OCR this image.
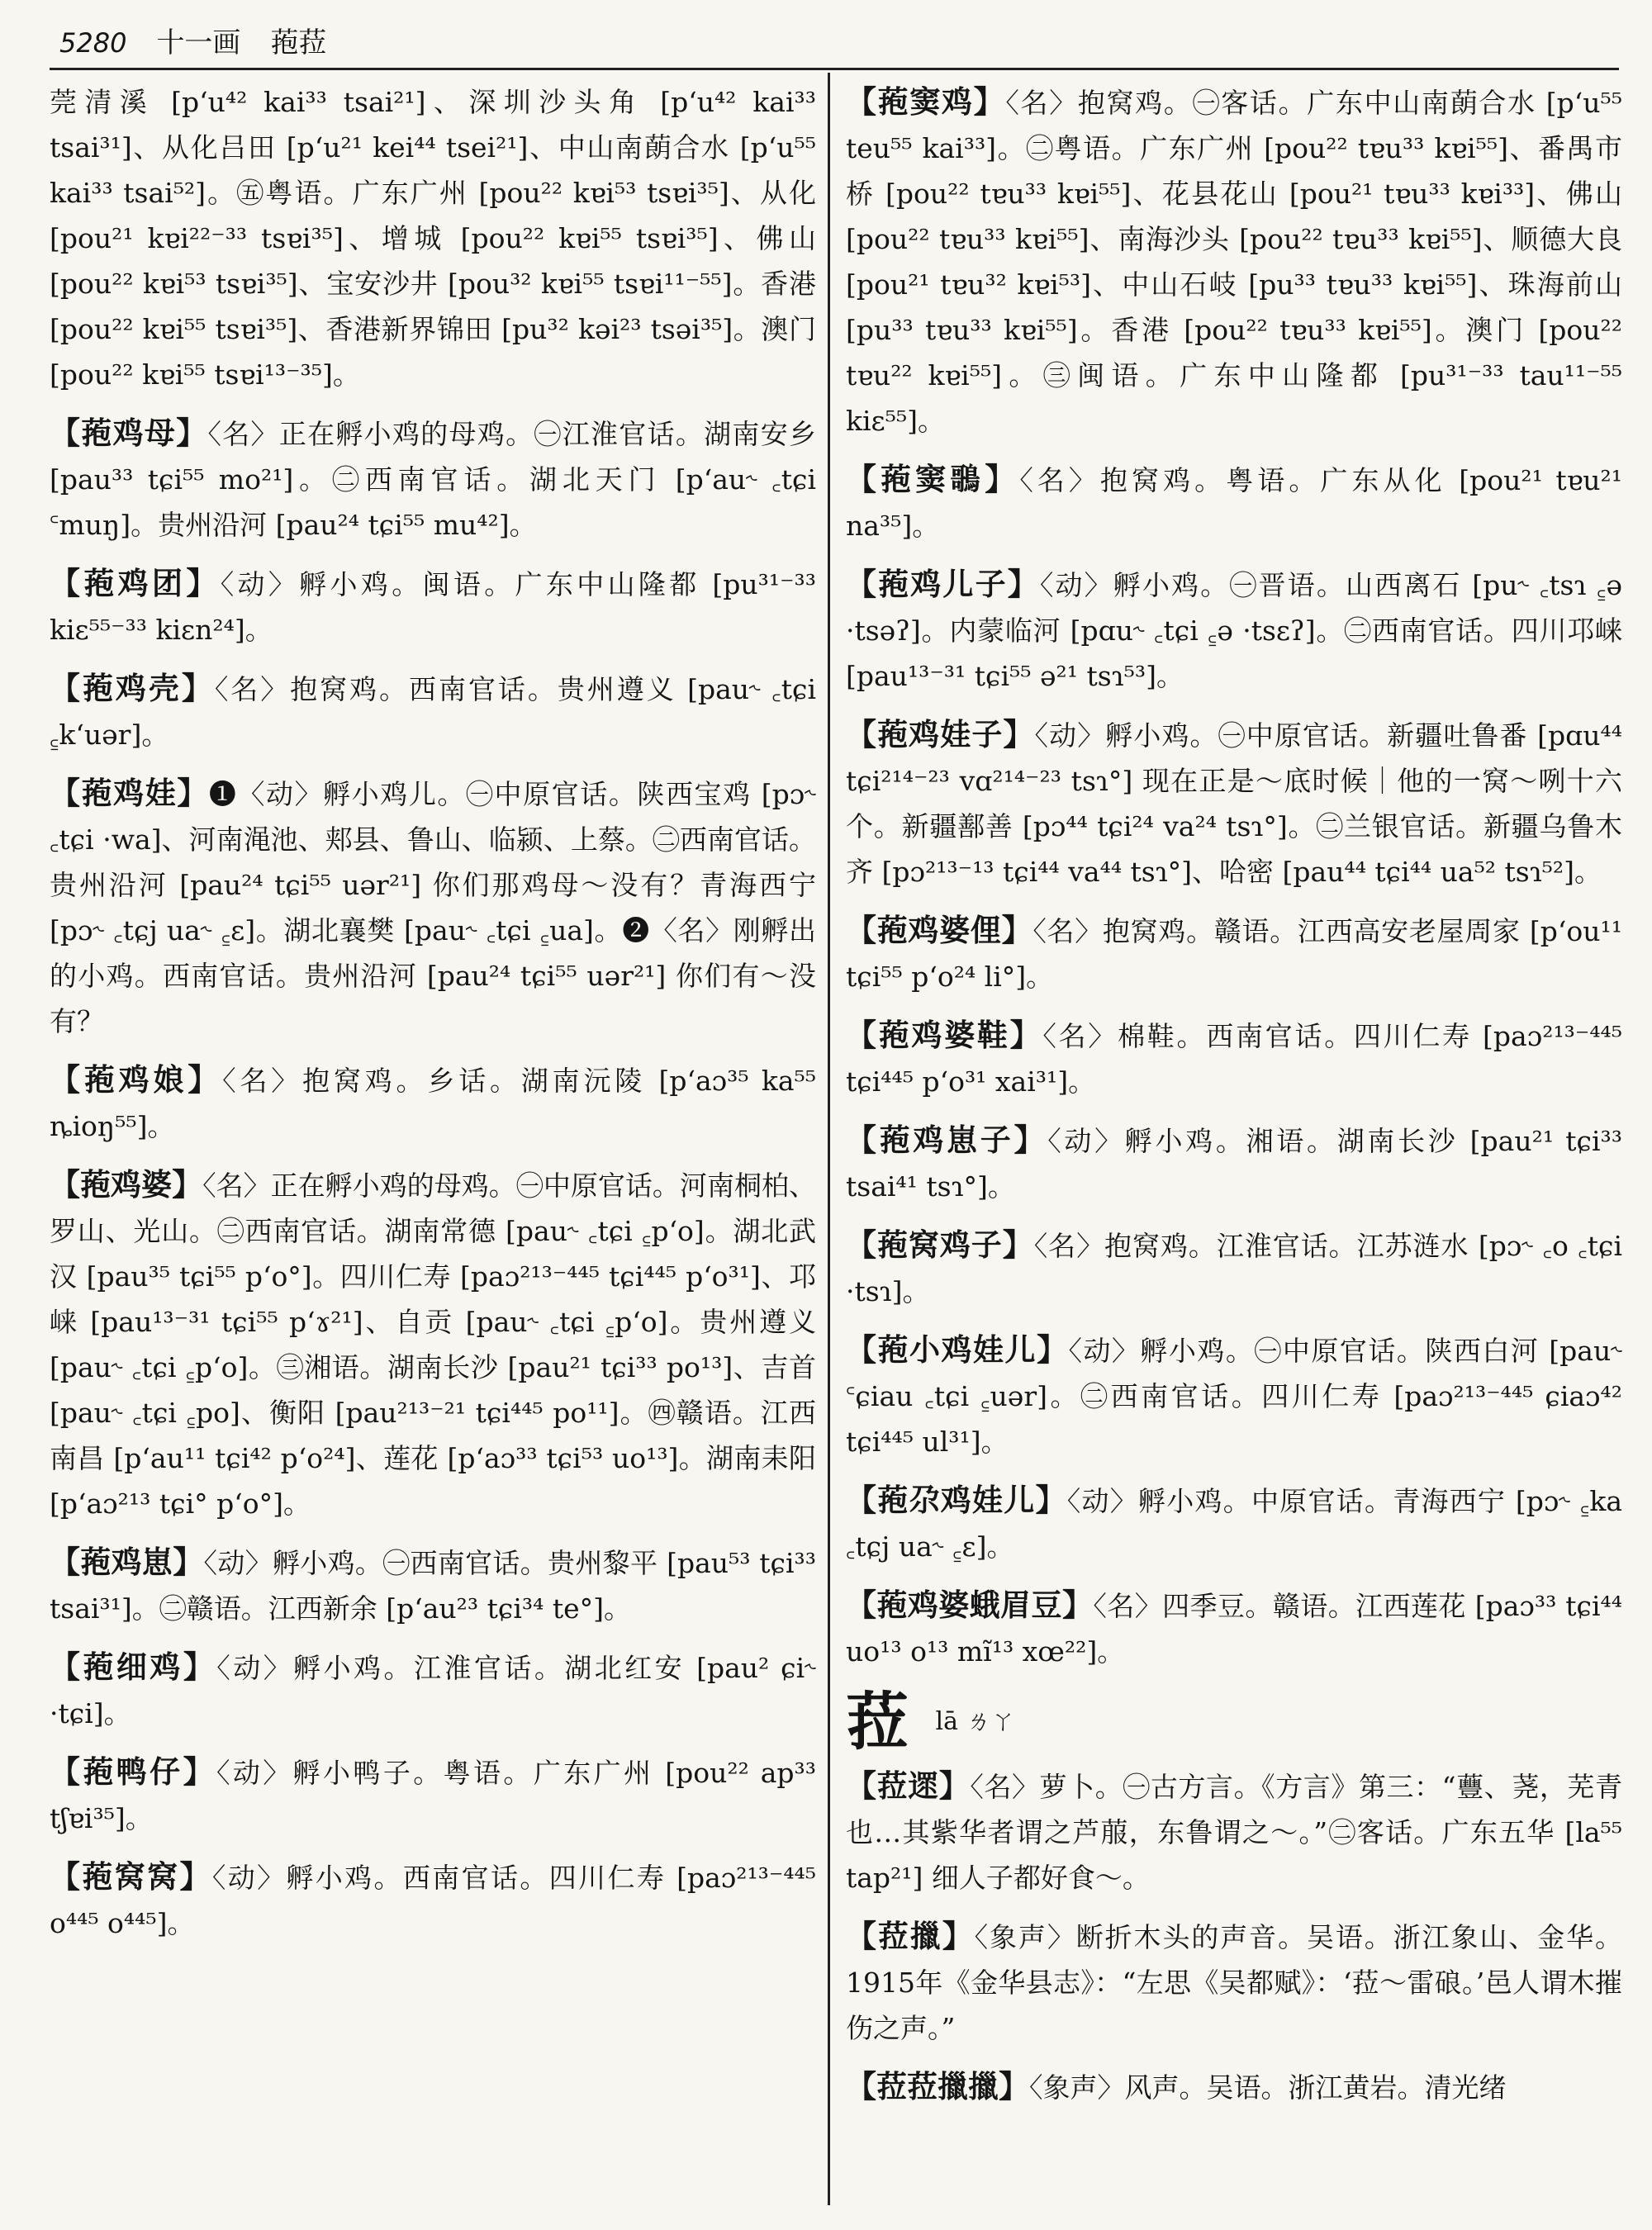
5280 十一画 菢菈

莞清溪 [pʻu⁴² kai³³ tsai²¹]、深圳沙头角 [pʻu⁴² kai³³ tsai³¹]、从化吕田 [pʻu²¹ kei⁴⁴ tsei²¹]、中山南蓢合水 [pʻu⁵⁵ kai³³ tsai⁵²]。㊄粤语。广东广州 [pou²² kɐi⁵³ tsɐi³⁵]、从化 [pou²¹ kɐi²²⁻³³ tsɐi³⁵]、增城 [pou²² kɐi⁵⁵ tsɐi³⁵]、佛山 [pou²² kɐi⁵³ tsɐi³⁵]、宝安沙井 [pou³² kɐi⁵⁵ tsɐi¹¹⁻⁵⁵]。香港 [pou²² kɐi⁵⁵ tsɐi³⁵]、香港新界锦田 [pu³² kəi²³ tsəi³⁵]。澳门 [pou²² kɐi⁵⁵ tsɐi¹³⁻³⁵]。

【菢鸡母】〈名〉正在孵小鸡的母鸡。㊀江淮官话。湖南安乡 [pau³³ tɕi⁵⁵ mo²¹]。㊁西南官话。湖北天门 [pʻau˞ ꜀tɕi ꜂muŋ]。贵州沿河 [pau²⁴ tɕi⁵⁵ mu⁴²]。

【菢鸡团】〈动〉孵小鸡。闽语。广东中山隆都 [pu³¹⁻³³ kiɛ⁵⁵⁻³³ kiɛn²⁴]。

【菢鸡壳】〈名〉抱窝鸡。西南官话。贵州遵义 [pau˞ ꜀tɕi ꜁kʻuər]。

【菢鸡娃】❶〈动〉孵小鸡儿。㊀中原官话。陕西宝鸡 [pɔ˞ ꜀tɕi ·wa]、河南渑池、郏县、鲁山、临颍、上蔡。㊁西南官话。贵州沿河 [pau²⁴ tɕi⁵⁵ uər²¹] 你们那鸡母～没有？青海西宁 [pɔ˞ ꜀tɕj ua˞ ꜁ɛ]。湖北襄樊 [pau˞ ꜀tɕi ꜁ua]。❷〈名〉刚孵出的小鸡。西南官话。贵州沿河 [pau²⁴ tɕi⁵⁵ uər²¹] 你们有～没有？

【菢鸡娘】〈名〉抱窝鸡。乡话。湖南沅陵 [pʻaɔ³⁵ ka⁵⁵ ȵioŋ⁵⁵]。

【菢鸡婆】〈名〉正在孵小鸡的母鸡。㊀中原官话。河南桐柏、罗山、光山。㊁西南官话。湖南常德 [pau˞ ꜀tɕi ꜁pʻo]。湖北武汉 [pau³⁵ tɕi⁵⁵ pʻo°]。四川仁寿 [paɔ²¹³⁻⁴⁴⁵ tɕi⁴⁴⁵ pʻo³¹]、邛崃 [pau¹³⁻³¹ tɕi⁵⁵ pʻɤ²¹]、自贡 [pau˞ ꜀tɕi ꜁pʻo]。贵州遵义 [pau˞ ꜀tɕi ꜁pʻo]。㊂湘语。湖南长沙 [pau²¹ tɕi³³ po¹³]、吉首 [pau˞ ꜀tɕi ꜁po]、衡阳 [pau²¹³⁻²¹ tɕi⁴⁴⁵ po¹¹]。㊃赣语。江西南昌 [pʻau¹¹ tɕi⁴² pʻo²⁴]、莲花 [pʻaɔ³³ tɕi⁵³ uo¹³]。湖南耒阳 [pʻaɔ²¹³ tɕi° pʻo°]。

【菢鸡崽】〈动〉孵小鸡。㊀西南官话。贵州黎平 [pau⁵³ tɕi³³ tsai³¹]。㊁赣语。江西新余 [pʻau²³ tɕi³⁴ te°]。

【菢细鸡】〈动〉孵小鸡。江淮官话。湖北红安 [pau² ɕi˞ ·tɕi]。

【菢鸭仔】〈动〉孵小鸭子。粤语。广东广州 [pou²² ap³³ tʃɐi³⁵]。

【菢窝窝】〈动〉孵小鸡。西南官话。四川仁寿 [paɔ²¹³⁻⁴⁴⁵ o⁴⁴⁵ o⁴⁴⁵]。

【菢窦鸡】〈名〉抱窝鸡。㊀客话。广东中山南蓢合水 [pʻu⁵⁵ teu⁵⁵ kai³³]。㊁粤语。广东广州 [pou²² tɐu³³ kɐi⁵⁵]、番禺市桥 [pou²² tɐu³³ kɐi⁵⁵]、花县花山 [pou²¹ tɐu³³ kɐi³³]、佛山 [pou²² tɐu³³ kɐi⁵⁵]、南海沙头 [pou²² tɐu³³ kɐi⁵⁵]、顺德大良 [pou²¹ tɐu³² kɐi⁵³]、中山石岐 [pu³³ tɐu³³ kɐi⁵⁵]、珠海前山 [pu³³ tɐu³³ kɐi⁵⁵]。香港 [pou²² tɐu³³ kɐi⁵⁵]。澳门 [pou²² tɐu²² kɐi⁵⁵]。㊂闽语。广东中山隆都 [pu³¹⁻³³ tau¹¹⁻⁵⁵ kiɛ⁵⁵]。

【菢窦𪃿】〈名〉抱窝鸡。粤语。广东从化 [pou²¹ tɐu²¹ na³⁵]。

【菢鸡儿子】〈动〉孵小鸡。㊀晋语。山西离石 [pu˞ ꜀tsɿ ꜁ə ·tsəʔ]。内蒙临河 [pɑu˞ ꜀tɕi ꜁ə ·tsɛʔ]。㊁西南官话。四川邛崃 [pau¹³⁻³¹ tɕi⁵⁵ ə²¹ tsɿ⁵³]。

【菢鸡娃子】〈动〉孵小鸡。㊀中原官话。新疆吐鲁番 [pɑu⁴⁴ tɕi²¹⁴⁻²³ vɑ²¹⁴⁻²³ tsɿ°] 现在正是～底时候｜他的一窝～咧十六个。新疆鄯善 [pɔ⁴⁴ tɕi²⁴ va²⁴ tsɿ°]。㊁兰银官话。新疆乌鲁木齐 [pɔ²¹³⁻¹³ tɕi⁴⁴ va⁴⁴ tsɿ°]、哈密 [pau⁴⁴ tɕi⁴⁴ ua⁵² tsɿ⁵²]。

【菢鸡婆俚】〈名〉抱窝鸡。赣语。江西高安老屋周家 [pʻou¹¹ tɕi⁵⁵ pʻo²⁴ li°]。

【菢鸡婆鞋】〈名〉棉鞋。西南官话。四川仁寿 [paɔ²¹³⁻⁴⁴⁵ tɕi⁴⁴⁵ pʻo³¹ xai³¹]。

【菢鸡崽子】〈动〉孵小鸡。湘语。湖南长沙 [pau²¹ tɕi³³ tsai⁴¹ tsɿ°]。

【菢窝鸡子】〈名〉抱窝鸡。江淮官话。江苏涟水 [pɔ˞ ꜀o ꜀tɕi ·tsɿ]。

【菢小鸡娃儿】〈动〉孵小鸡。㊀中原官话。陕西白河 [pau˞ ꜂ɕiau ꜀tɕi ꜁uər]。㊁西南官话。四川仁寿 [paɔ²¹³⁻⁴⁴⁵ ɕiaɔ⁴² tɕi⁴⁴⁵ ul³¹]。

【菢尕鸡娃儿】〈动〉孵小鸡。中原官话。青海西宁 [pɔ˞ ꜁ka ꜀tɕj ua˞ ꜁ɛ]。

【菢鸡婆蛾眉豆】〈名〉四季豆。赣语。江西莲花 [paɔ³³ tɕi⁴⁴ uo¹³ o¹³ mĩ¹³ xœ²²]。

菈 lā ㄌㄚ

【菈遝】〈名〉萝卜。㊀古方言。《方言》第三：“蘴、荛，芜青也…其紫华者谓之芦菔，东鲁谓之～。”㊁客话。广东五华 [la⁵⁵ tap²¹] 细人子都好食～。

【菈擸】〈象声〉断折木头的声音。吴语。浙江象山、金华。1915年《金华县志》：“左思《吴都赋》：‘菈～雷硠。’邑人谓木摧伤之声。”

【菈菈擸擸】〈象声〉风声。吴语。浙江黄岩。清光绪
